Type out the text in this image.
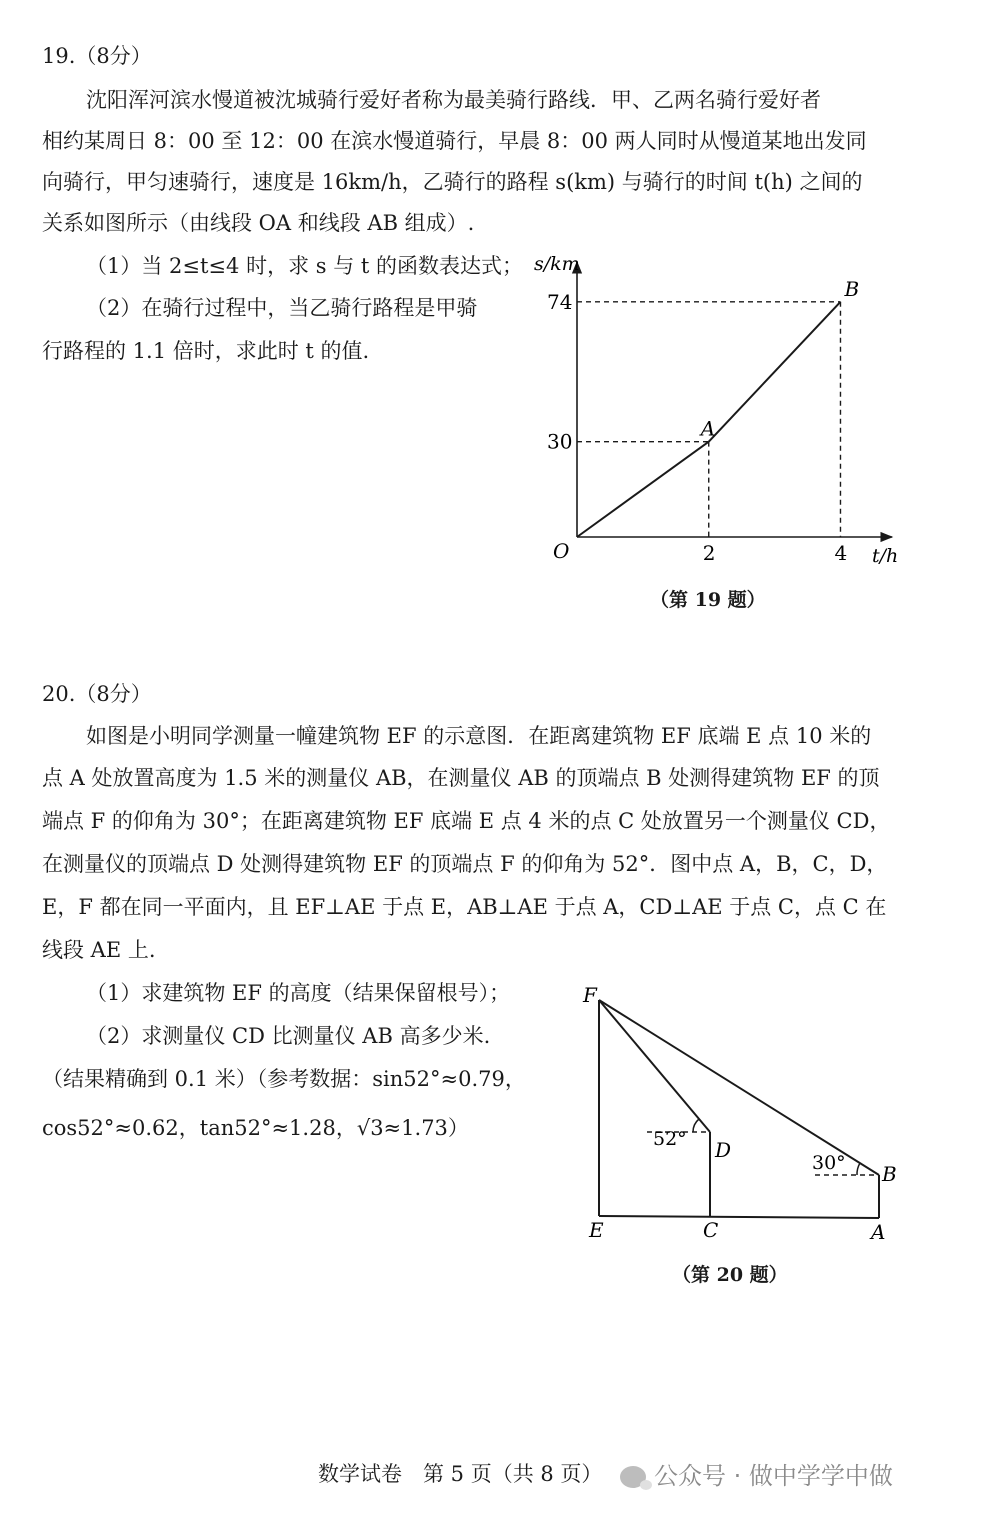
19.（8分）
沈阳浑河滨水慢道被沈城骑行爱好者称为最美骑行路线．甲、乙两名骑行爱好者
相约某周日 8：00 至 12：00 在滨水慢道骑行，早晨 8：00 两人同时从慢道某地出发同
向骑行，甲匀速骑行，速度是 16km/h，乙骑行的路程 s(km) 与骑行的时间 t(h) 之间的
关系如图所示（由线段 OA 和线段 AB 组成）.
（1）当 2≤t≤4 时，求 s 与 t 的函数表达式；
（2）在骑行过程中，当乙骑行路程是甲骑
行路程的 1.1 倍时，求此时 t 的值.
s/km
t/h
O
A
B
2	4
30
74
（第 19 题）
20.（8分）
如图是小明同学测量一幢建筑物 EF 的示意图．在距离建筑物 EF 底端 E 点 10 米的
点 A 处放置高度为 1.5 米的测量仪 AB，在测量仪 AB 的顶端点 B 处测得建筑物 EF 的顶
端点 F 的仰角为 30°；在距离建筑物 EF 底端 E 点 4 米的点 C 处放置另一个测量仪 CD，
在测量仪的顶端点 D 处测得建筑物 EF 的顶端点 F 的仰角为 52°．图中点 A，B，C，D，
E，F 都在同一平面内，且 EF⊥AE 于点 E，AB⊥AE 于点 A，CD⊥AE 于点 C，点 C 在
线段 AE 上.
（1）求建筑物 EF 的高度（结果保留根号）；
（2）求测量仪 CD 比测量仪 AB 高多少米.
（结果精确到 0.1 米）（参考数据：sin52°≈0.79，
cos52°≈0.62，tan52°≈1.28，√3≈1.73）
F
D
B
E	C	A
52°
30°
（第 20 题）
数学试卷　第 5 页（共 8 页）	公众号 · 做中学学中做
